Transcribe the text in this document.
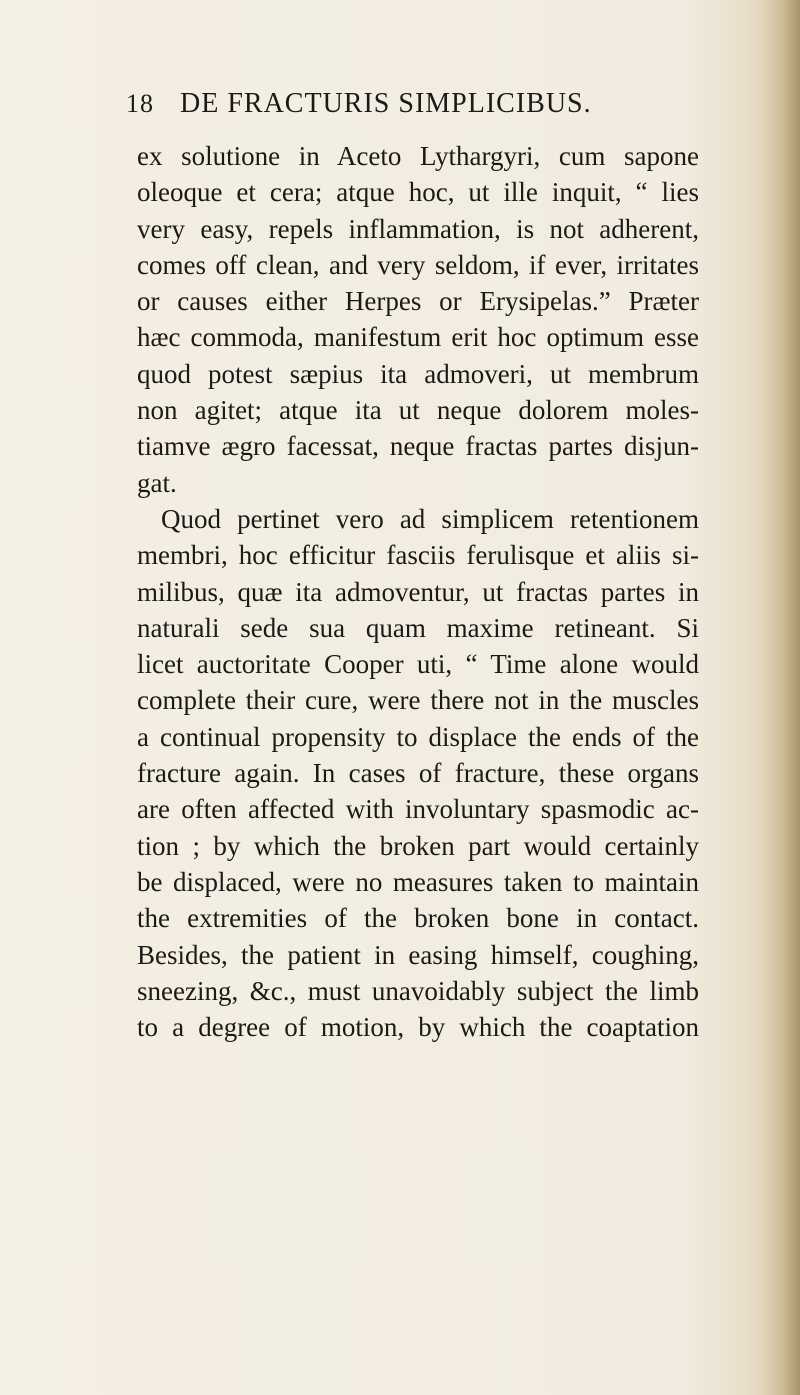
18 DE FRACTURIS SIMPLICIBUS.
ex solutione in Aceto Lythargyri, cum sapone
oleoque et cera; atque hoc, ut ille inquit, “ lies
very easy, repels inflammation, is not adherent,
comes off clean, and very seldom, if ever, irritates
or causes either Herpes or Erysipelas.” Præter
hæc commoda, manifestum erit hoc optimum esse
quod potest sæpius ita admoveri, ut membrum
non agitet; atque ita ut neque dolorem moles-
tiamve ægro facessat, neque fractas partes disjun-
gat.
Quod pertinet vero ad simplicem retentionem
membri, hoc efficitur fasciis ferulisque et aliis si-
milibus, quæ ita admoventur, ut fractas partes in
naturali sede sua quam maxime retineant. Si
licet auctoritate Cooper uti, “ Time alone would
complete their cure, were there not in the muscles
a continual propensity to displace the ends of the
fracture again. In cases of fracture, these organs
are often affected with involuntary spasmodic ac-
tion ; by which the broken part would certainly
be displaced, were no measures taken to maintain
the extremities of the broken bone in contact.
Besides, the patient in easing himself, coughing,
sneezing, &c., must unavoidably subject the limb
to a degree of motion, by which the coaptation
